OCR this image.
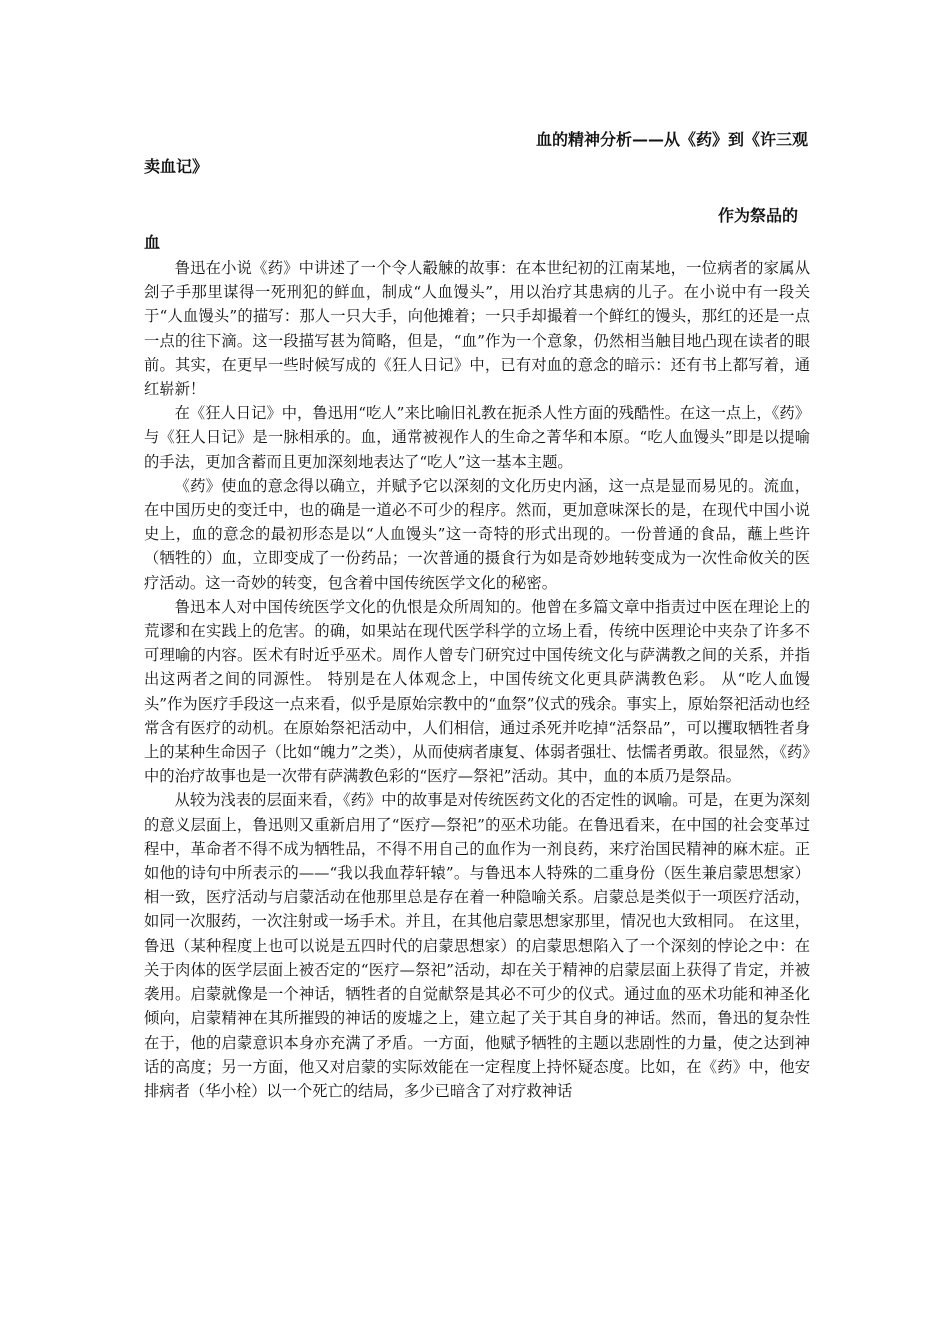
血的精神分析——从《药》到《许三观
卖血记》
作为祭品的
血

鲁迅在小说《药》中讲述了一个令人觳觫的故事：在本世纪初的江南某地，一位病者的家属从刽子手那里谋得一死刑犯的鲜血，制成“人血馒头”，用以治疗其患病的儿子。在小说中有一段关于“人血馒头”的描写：那人一只大手，向他摊着；一只手却撮着一个鲜红的馒头，那红的还是一点一点的往下滴。这一段描写甚为简略，但是，“血”作为一个意象，仍然相当触目地凸现在读者的眼前。其实，在更早一些时候写成的《狂人日记》中，已有对血的意念的暗示：还有书上都写着，通红崭新！

在《狂人日记》中，鲁迅用“吃人”来比喻旧礼教在扼杀人性方面的残酷性。在这一点上，《药》与《狂人日记》是一脉相承的。血，通常被视作人的生命之菁华和本原。“吃人血馒头”即是以提喻的手法，更加含蓄而且更加深刻地表达了“吃人”这一基本主题。

《药》使血的意念得以确立，并赋予它以深刻的文化历史内涵，这一点是显而易见的。流血，在中国历史的变迁中，也的确是一道必不可少的程序。然而，更加意味深长的是，在现代中国小说史上，血的意念的最初形态是以“人血馒头”这一奇特的形式出现的。一份普通的食品，蘸上些许（牺牲的）血，立即变成了一份药品；一次普通的摄食行为如是奇妙地转变成为一次性命攸关的医疗活动。这一奇妙的转变，包含着中国传统医学文化的秘密。

鲁迅本人对中国传统医学文化的仇恨是众所周知的。他曾在多篇文章中指责过中医在理论上的荒谬和在实践上的危害。的确，如果站在现代医学科学的立场上看，传统中医理论中夹杂了许多不可理喻的内容。医术有时近乎巫术。周作人曾专门研究过中国传统文化与萨满教之间的关系，并指出这两者之间的同源性。 特别是在人体观念上，中国传统文化更具萨满教色彩。 从“吃人血馒头”作为医疗手段这一点来看，似乎是原始宗教中的“血祭”仪式的残余。事实上，原始祭祀活动也经常含有医疗的动机。在原始祭祀活动中，人们相信，通过杀死并吃掉“活祭品”，可以攫取牺牲者身上的某种生命因子（比如“魄力”之类），从而使病者康复、体弱者强壮、怯懦者勇敢。很显然，《药》中的治疗故事也是一次带有萨满教色彩的“医疗—祭祀”活动。其中，血的本质乃是祭品。

从较为浅表的层面来看，《药》中的故事是对传统医药文化的否定性的讽喻。可是，在更为深刻的意义层面上，鲁迅则又重新启用了“医疗—祭祀”的巫术功能。在鲁迅看来，在中国的社会变革过程中，革命者不得不成为牺牲品，不得不用自己的血作为一剂良药，来疗治国民精神的麻木症。正如他的诗句中所表示的——“我以我血荐轩辕”。与鲁迅本人特殊的二重身份（医生兼启蒙思想家）相一致，医疗活动与启蒙活动在他那里总是存在着一种隐喻关系。启蒙总是类似于一项医疗活动，如同一次服药，一次注射或一场手术。并且，在其他启蒙思想家那里，情况也大致相同。 在这里，鲁迅（某种程度上也可以说是五四时代的启蒙思想家）的启蒙思想陷入了一个深刻的悖论之中：在关于肉体的医学层面上被否定的“医疗—祭祀”活动，却在关于精神的启蒙层面上获得了肯定，并被袭用。启蒙就像是一个神话，牺牲者的自觉献祭是其必不可少的仪式。通过血的巫术功能和神圣化倾向，启蒙精神在其所摧毁的神话的废墟之上，建立起了关于其自身的神话。然而，鲁迅的复杂性在于，他的启蒙意识本身亦充满了矛盾。一方面，他赋予牺牲的主题以悲剧性的力量，使之达到神话的高度；另一方面，他又对启蒙的实际效能在一定程度上持怀疑态度。比如，在《药》中，他安排病者（华小栓）以一个死亡的结局，多少已暗含了对疗救神话
